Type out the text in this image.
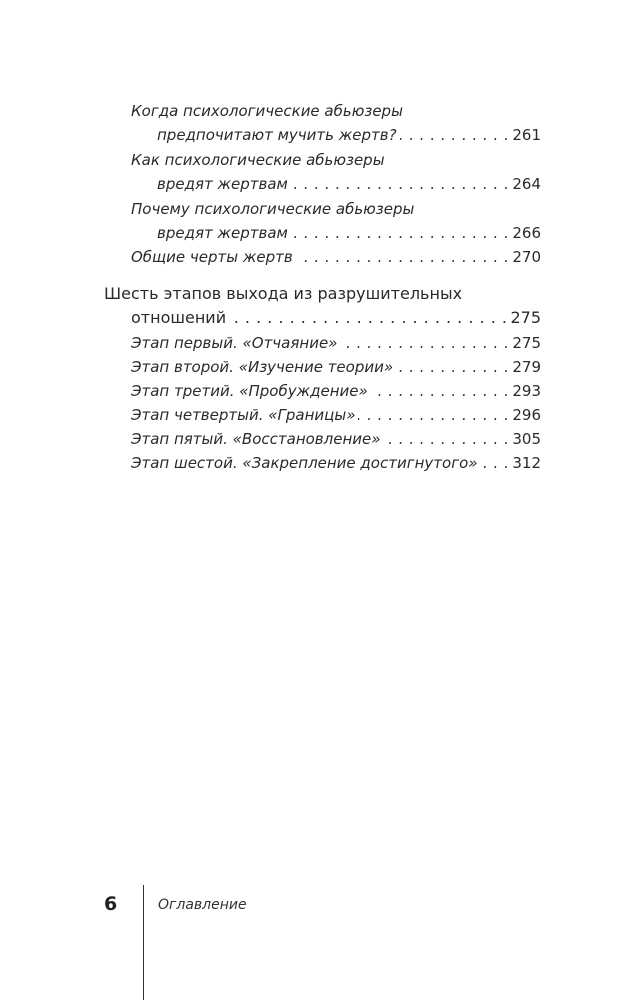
Когда психологические абьюзеры
предпочитают мучить жертв? . . .	261
Как психологические абьюзеры
вредят жертвам . . .	264
Почему психологические абьюзеры
вредят жертвам . . .	266
Общие черты жертв . . .	270
Шесть этапов выхода из разрушительных
отношений . . .	275
Этап первый. «Отчаяние» . . .	275
Этап второй. «Изучение теории» . . .	279
Этап третий. «Пробуждение» . . .	293
Этап четвертый. «Границы» . . .	296
Этап пятый. «Восстановление» . . .	305
Этап шестой. «Закрепление достигнутого» . . . 312
6	Оглавление
